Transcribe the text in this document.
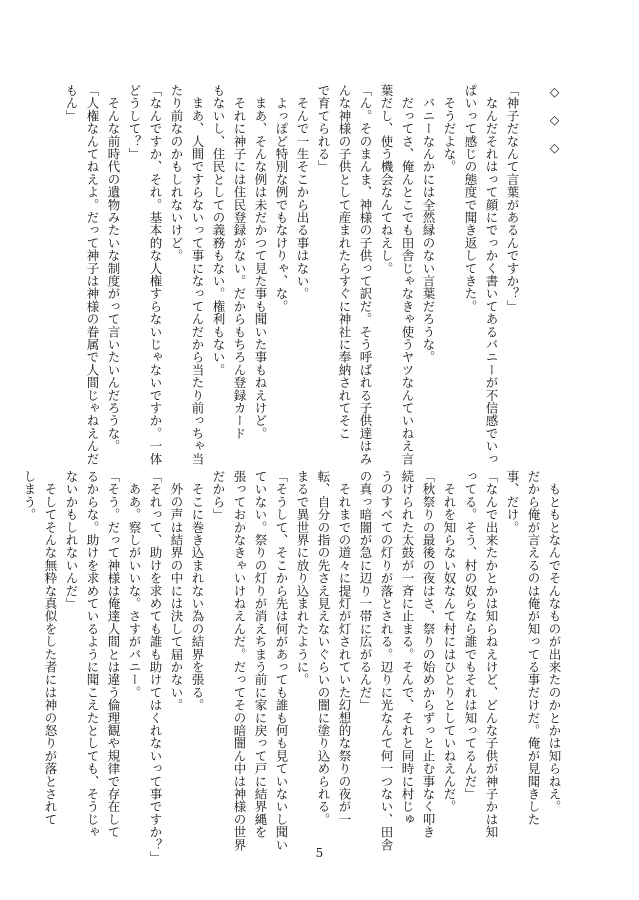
◇　◇　◇

「神子だなんて言葉があるんですか？」
　なんだそれはって顔にでっかく書いてあるバニーが不信感でいっ
ぱいって感じの態度で聞き返してきた。
　そうだよな。
　バニーなんかには全然縁のない言葉だろうな。
　だってさ、俺んとこでも田舎じゃなきゃ使うヤツなんていねえ言
葉だし、使う機会なんてねえし。
「ん。そのまんま、神様の子供って訳だ。そう呼ばれる子供達はみ
んな神様の子供として産まれたらすぐに神社に奉納されてそこ
で育てられる」
　そんで一生そこから出る事はない。
　よっぽど特別な例でもなけりゃ、な。
　まあ、そんな例は未だかつて見た事も聞いた事もねえけど。
　それに神子には住民登録がない。だからもちろん登録カード
もないし、住民としての義務もない。権利もない。
　まあ、人間ですらないって事になってんだから当たり前っちゃ当
たり前なのかもしれないけど。
「なんですか、それ。基本的な人権すらないじゃないですか。一体
どうして？」
　そんな前時代の遺物みたいな制度がって言いたいんだろうな。
「人権なんてねえよ。だって神子は神様の眷属で人間じゃねえんだ
もん」
　もともとなんでそんなものが出来たのかとかは知らねえ。
だから俺が言えるのは俺が知ってる事だけだ。俺が見聞きした
事、だけ。
「なんで出来たかとかは知らねえけど、どんな子供が神子かは知
ってる。そう、村の奴らなら誰でもそれは知ってるんだ」
　それを知らない奴なんて村にはひとりとしていねえんだ。
「秋祭りの最後の夜はさ、祭りの始めからずっと止む事なく叩き
続けられた太鼓が一斉に止まる。そんで、それと同時に村じゅ
うのすべての灯りが落とされる。辺りに光なんて何一つない、田舎
の真っ暗闇が急に辺り一帯に広がるんだ」
　それまでの道々に提灯が灯されていた幻想的な祭りの夜が一
転、自分の指の先さえ見えないぐらいの闇に塗り込められる。
まるで異世界に放り込まれたように。
「そうして、そこから先は何があっても誰も何も見ていないし聞い
ていない。祭りの灯りが消えちまう前に家に戻って戸に結界縄を
張っておかなきゃいけねえんだ。だってその暗闇ん中は神様の世界
だから」
　そこに巻き込まれない為の結界を張る。
　外の声は結界の中には決して届かない。
「それって、助けを求めても誰も助けてはくれないって事ですか？」
　ああ。察しがいいな。さすがバニー。
「そう。だって神様は俺達人間とは違う倫理観や規律で存在して
るからな。助けを求めているように聞こえたとしても、そうじゃ
ないかもしれないんだ」
　そしてそんな無粋な真似をした者には神の怒りが落とされて
しまう。
5
